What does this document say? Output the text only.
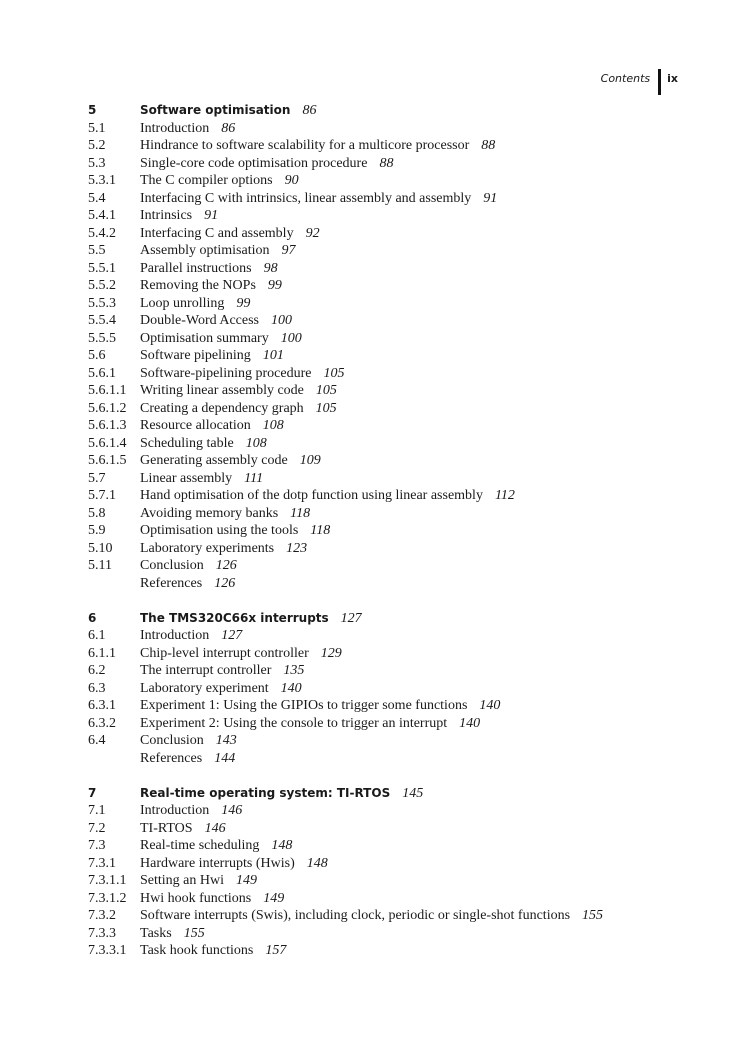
Contents ix
5	Software optimisation 86
5.1	Introduction 86
5.2	Hindrance to software scalability for a multicore processor 88
5.3	Single-core code optimisation procedure 88
5.3.1	The C compiler options 90
5.4	Interfacing C with intrinsics, linear assembly and assembly 91
5.4.1	Intrinsics 91
5.4.2	Interfacing C and assembly 92
5.5	Assembly optimisation 97
5.5.1	Parallel instructions 98
5.5.2	Removing the NOPs 99
5.5.3	Loop unrolling 99
5.5.4	Double-Word Access 100
5.5.5	Optimisation summary 100
5.6	Software pipelining 101
5.6.1	Software-pipelining procedure 105
5.6.1.1 Writing linear assembly code 105
5.6.1.2 Creating a dependency graph 105
5.6.1.3 Resource allocation 108
5.6.1.4 Scheduling table 108
5.6.1.5 Generating assembly code 109
5.7	Linear assembly 111
5.7.1	Hand optimisation of the dotp function using linear assembly 112
5.8	Avoiding memory banks 118
5.9	Optimisation using the tools 118
5.10	Laboratory experiments 123
5.11	Conclusion 126
References 126
6	The TMS320C66x interrupts 127
6.1	Introduction 127
6.1.1	Chip-level interrupt controller 129
6.2	The interrupt controller 135
6.3	Laboratory experiment 140
6.3.1	Experiment 1: Using the GIPIOs to trigger some functions 140
6.3.2	Experiment 2: Using the console to trigger an interrupt 140
6.4	Conclusion 143
References 144
7	Real-time operating system: TI-RTOS 145
7.1	Introduction 146
7.2	TI-RTOS 146
7.3	Real-time scheduling 148
7.3.1	Hardware interrupts (Hwis) 148
7.3.1.1 Setting an Hwi 149
7.3.1.2 Hwi hook functions 149
7.3.2	Software interrupts (Swis), including clock, periodic or single-shot functions 155
7.3.3	Tasks 155
7.3.3.1 Task hook functions 157
